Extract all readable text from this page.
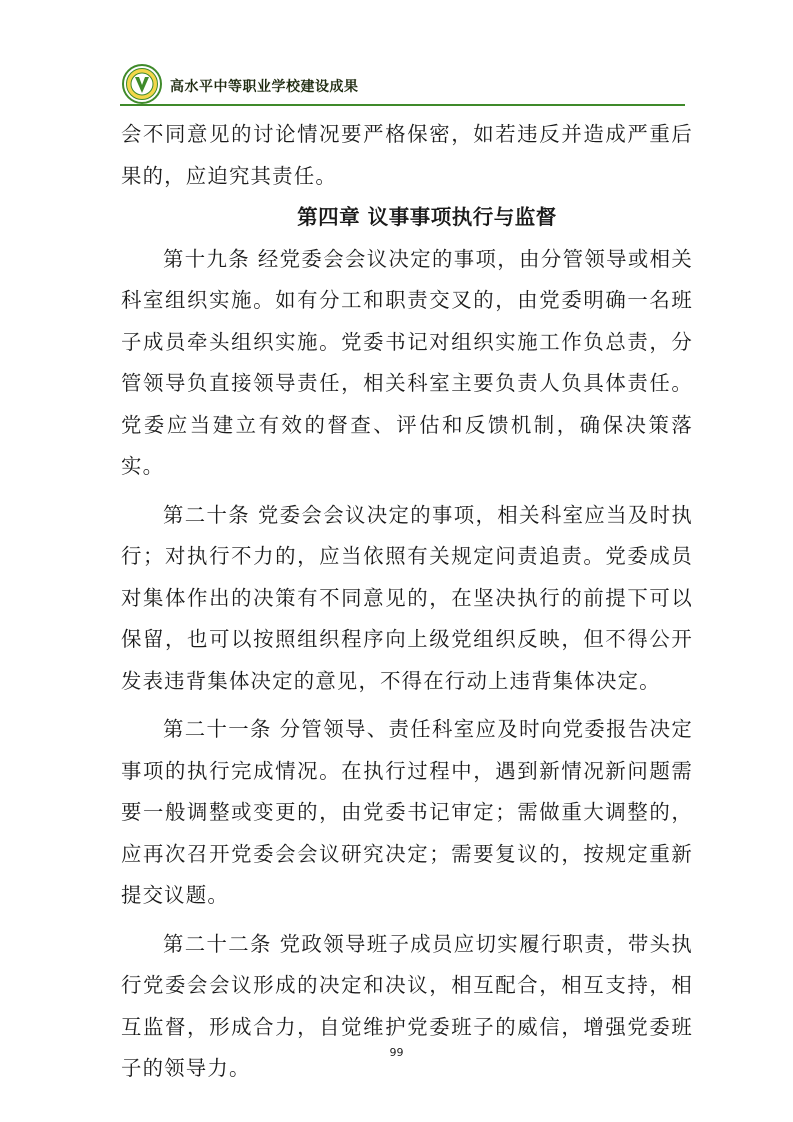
高水平中等职业学校建设成果

会不同意见的讨论情况要严格保密，如若违反并造成严重后果的，应迫究其责任。

第四章 议事事项执行与监督

第十九条 经党委会会议决定的事项，由分管领导或相关科室组织实施。如有分工和职责交叉的，由党委明确一名班子成员牵头组织实施。党委书记对组织实施工作负总责，分管领导负直接领导责任，相关科室主要负责人负具体责任。党委应当建立有效的督查、评估和反馈机制，确保决策落实。

第二十条 党委会会议决定的事项，相关科室应当及时执行；对执行不力的，应当依照有关规定问责追责。党委成员对集体作出的决策有不同意见的，在坚决执行的前提下可以保留，也可以按照组织程序向上级党组织反映，但不得公开发表违背集体决定的意见，不得在行动上违背集体决定。

第二十一条 分管领导、责任科室应及时向党委报告决定事项的执行完成情况。在执行过程中，遇到新情况新问题需要一般调整或变更的，由党委书记审定；需做重大调整的，应再次召开党委会会议研究决定；需要复议的，按规定重新提交议题。

第二十二条 党政领导班子成员应切实履行职责，带头执行党委会会议形成的决定和决议，相互配合，相互支持，相互监督，形成合力，自觉维护党委班子的威信，增强党委班子的领导力。

99
